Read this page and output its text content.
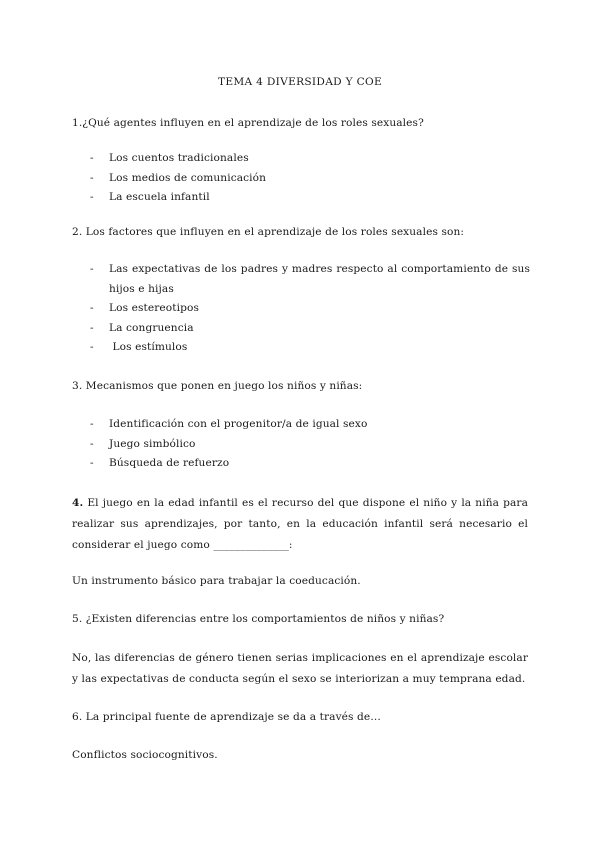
TEMA 4 DIVERSIDAD Y COE
1.¿Qué agentes influyen en el aprendizaje de los roles sexuales?
- Los cuentos tradicionales
- Los medios de comunicación
- La escuela infantil
2. Los factores que influyen en el aprendizaje de los roles sexuales son:
- Las expectativas de los padres y madres respecto al comportamiento de sus hijos e hijas
- Los estereotipos
- La congruencia
- Los estímulos
3. Mecanismos que ponen en juego los niños y niñas:
- Identificación con el progenitor/a de igual sexo
- Juego simbólico
- Búsqueda de refuerzo
4. El juego en la edad infantil es el recurso del que dispone el niño y la niña para realizar sus aprendizajes, por tanto, en la educación infantil será necesario el considerar el juego como ______________:
Un instrumento básico para trabajar la coeducación.
5. ¿Existen diferencias entre los comportamientos de niños y niñas?
No, las diferencias de género tienen serias implicaciones en el aprendizaje escolar y las expectativas de conducta según el sexo se interiorizan a muy temprana edad.
6. La principal fuente de aprendizaje se da a través de…
Conflictos sociocognitivos.
